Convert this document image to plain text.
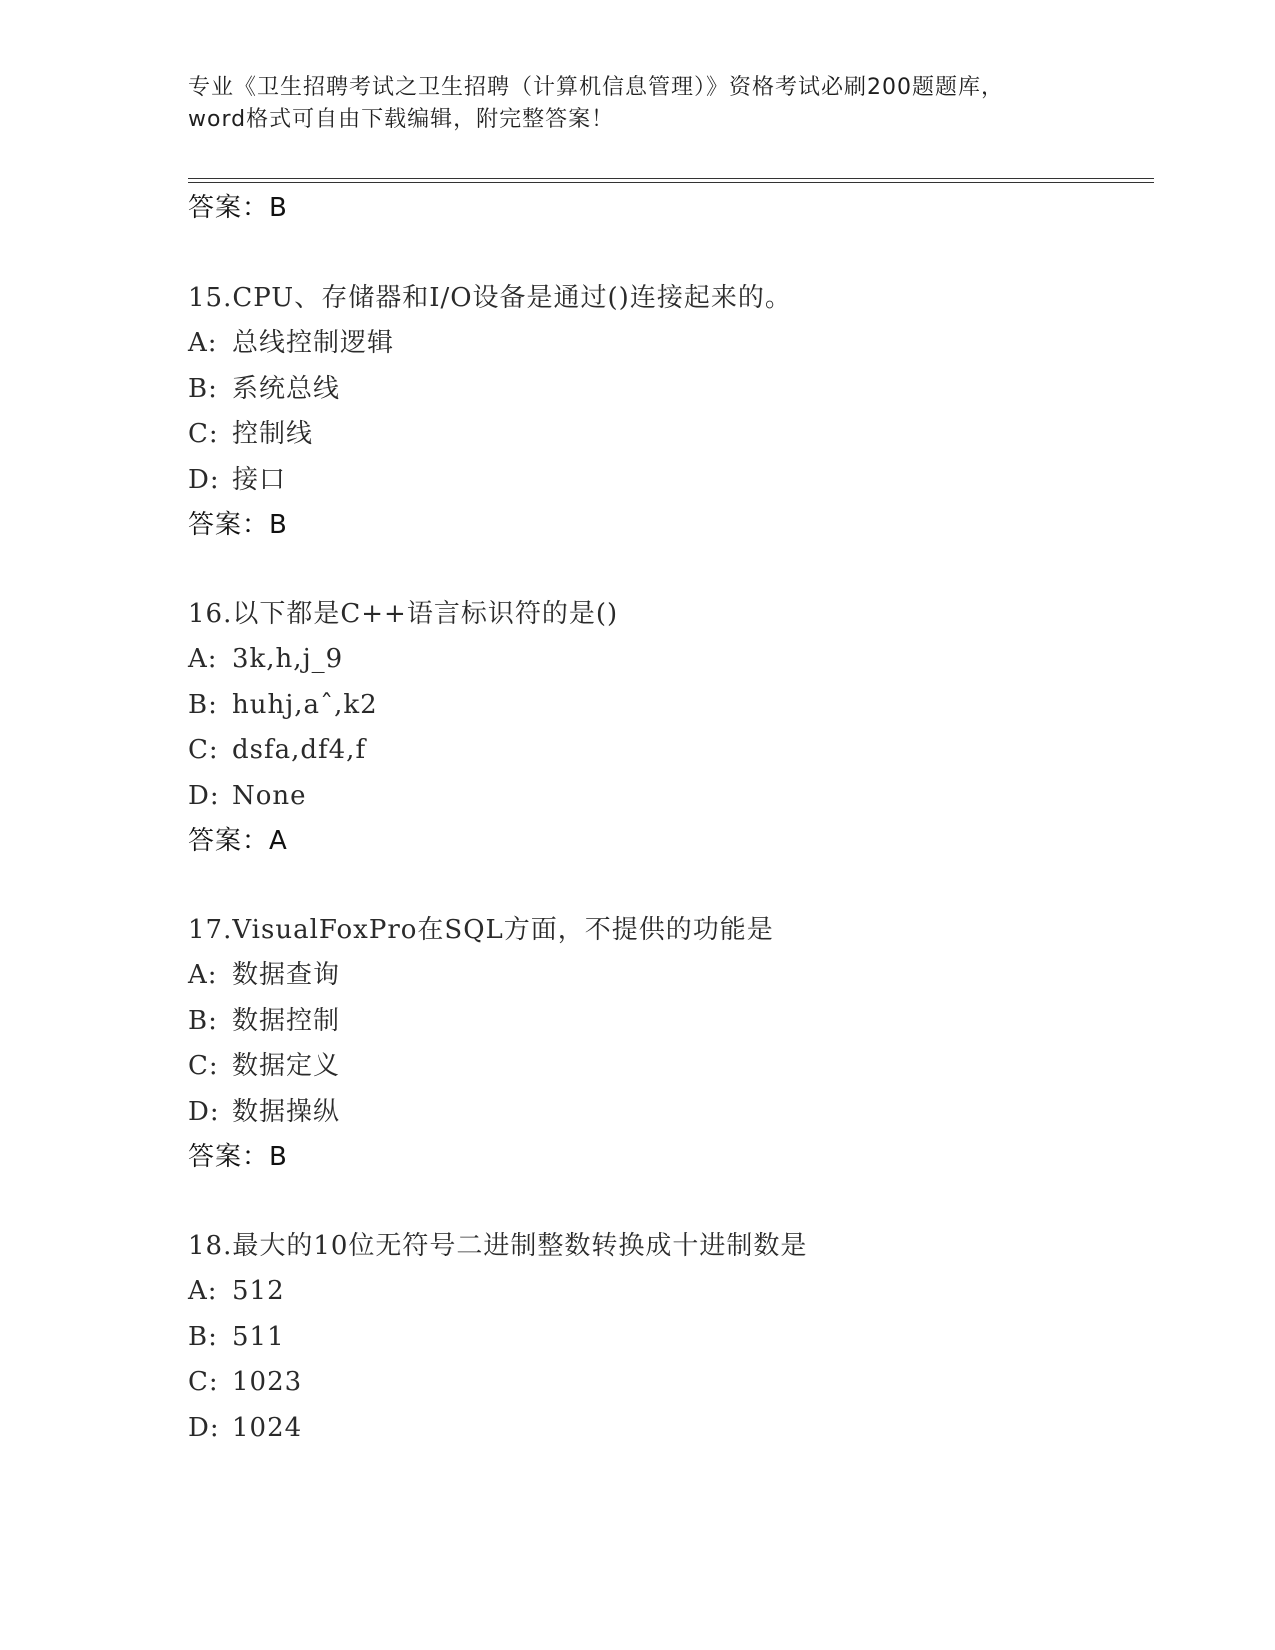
专业《卫生招聘考试之卫生招聘（计算机信息管理）》资格考试必刷200题题库，
word格式可自由下载编辑，附完整答案！
答案：B
15.CPU、存储器和I/O设备是通过()连接起来的。
A: 总线控制逻辑
B: 系统总线
C: 控制线
D: 接口
答案：B
16.以下都是C++语言标识符的是()
A: 3k,h,j_9
B: huhj,aˆ,k2
C: dsfa,df4,f
D: None
答案：A
17.VisualFoxPro在SQL方面，不提供的功能是
A: 数据查询
B: 数据控制
C: 数据定义
D: 数据操纵
答案：B
18.最大的10位无符号二进制整数转换成十进制数是
A: 512
B: 511
C: 1023
D: 1024
